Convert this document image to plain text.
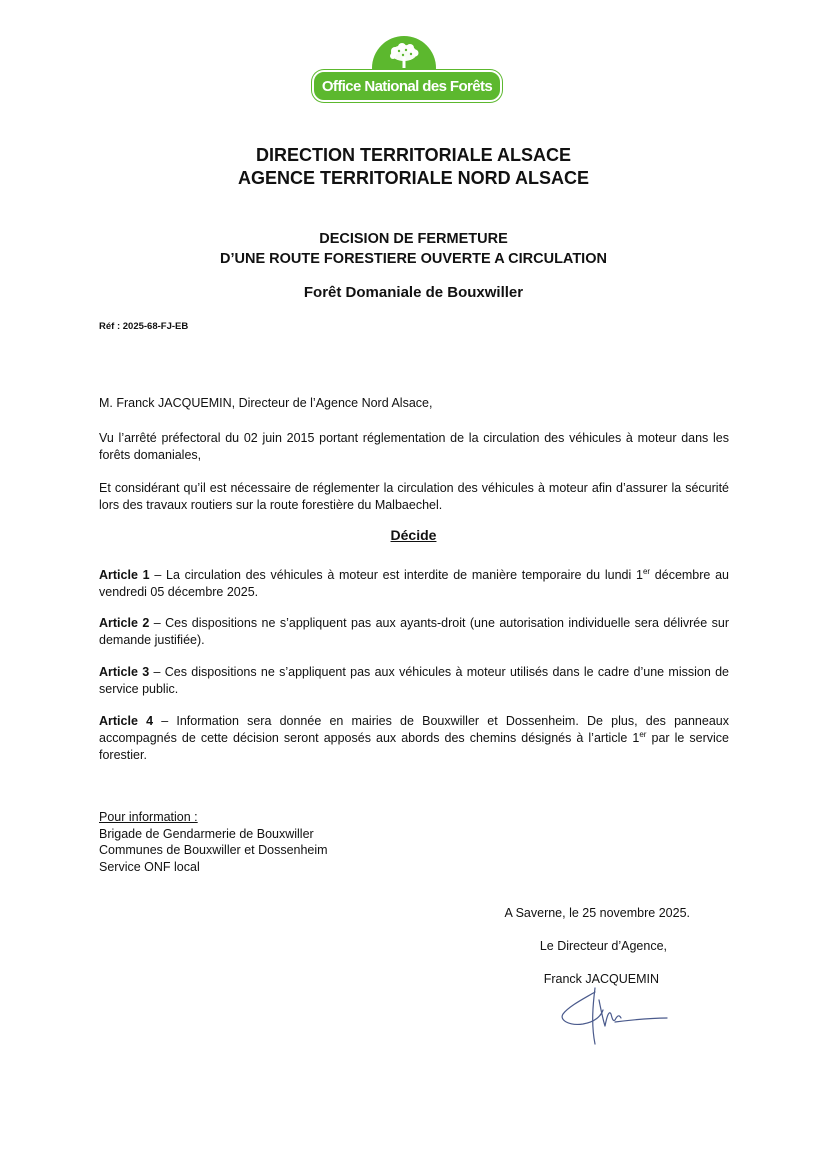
Office National des Forêts
DIRECTION TERRITORIALE ALSACE
AGENCE TERRITORIALE NORD ALSACE
DECISION DE FERMETURE
D’UNE ROUTE FORESTIERE OUVERTE A CIRCULATION
Forêt Domaniale de Bouxwiller
Réf : 2025-68-FJ-EB
M. Franck JACQUEMIN, Directeur de l’Agence Nord Alsace,
Vu l’arrêté préfectoral du 02 juin 2015 portant réglementation de la circulation des véhicules à moteur dans les forêts domaniales,
Et considérant qu’il est nécessaire de réglementer la circulation des véhicules à moteur afin d’assurer la sécurité lors des travaux routiers sur la route forestière du Malbaechel.
Décide
Article 1 – La circulation des véhicules à moteur est interdite de manière temporaire du lundi 1er décembre au vendredi 05 décembre 2025.
Article 2 – Ces dispositions ne s’appliquent pas aux ayants-droit (une autorisation individuelle sera délivrée sur demande justifiée).
Article 3 – Ces dispositions ne s’appliquent pas aux véhicules à moteur utilisés dans le cadre d’une mission de service public.
Article 4 – Information sera donnée en mairies de Bouxwiller et Dossenheim. De plus, des panneaux accompagnés de cette décision seront apposés aux abords des chemins désignés à l’article 1er par le service forestier.
Pour information :
Brigade de Gendarmerie de Bouxwiller
Communes de Bouxwiller et Dossenheim
Service ONF local
A Saverne, le 25 novembre 2025.
Le Directeur d’Agence,
Franck JACQUEMIN
